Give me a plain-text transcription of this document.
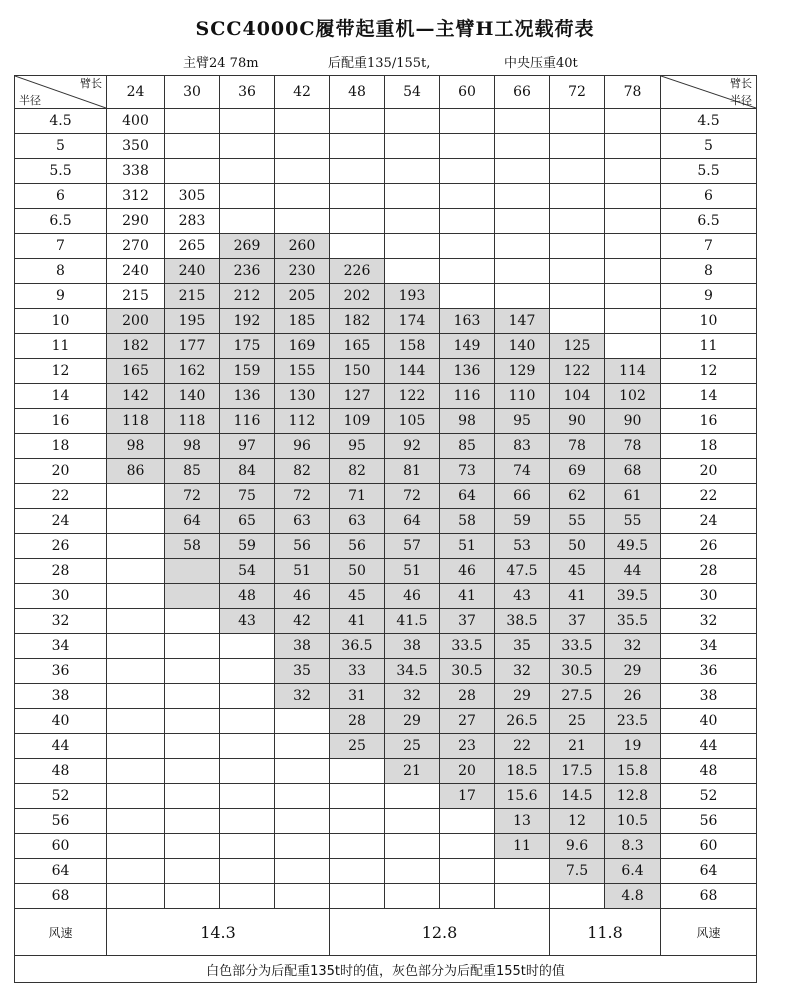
SCC4000C履带起重机—主臂H工况载荷表
主臂24 78m	后配重135/155t,	中央压重40t
臂长
半径	24	30	36	42	48	54	60	66	72	78	臂长
半径

4.5	400										4.5
5	350										5
5.5	338										5.5
6	312	305									6
6.5	290	283									6.5
7	270	265	269	260							7
8	240	240	236	230	226						8
9	215	215	212	205	202	193					9
10	200	195	192	185	182	174	163	147			10
11	182	177	175	169	165	158	149	140	125		11
12	165	162	159	155	150	144	136	129	122	114	12
14	142	140	136	130	127	122	116	110	104	102	14
16	118	118	116	112	109	105	98	95	90	90	16
18	98	98	97	96	95	92	85	83	78	78	18
20	86	85	84	82	82	81	73	74	69	68	20
22		72	75	72	71	72	64	66	62	61	22
24		64	65	63	63	64	58	59	55	55	24
26		58	59	56	56	57	51	53	50	49.5	26
28			54	51	50	51	46	47.5	45	44	28
30			48	46	45	46	41	43	41	39.5	30
32			43	42	41	41.5	37	38.5	37	35.5	32
34				38	36.5	38	33.5	35	33.5	32	34
36				35	33	34.5	30.5	32	30.5	29	36
38				32	31	32	28	29	27.5	26	38
40					28	29	27	26.5	25	23.5	40
44					25	25	23	22	21	19	44
48						21	20	18.5	17.5	15.8	48
52							17	15.6	14.5	12.8	52
56								13	12	10.5	56
60								11	9.6	8.3	60
64									7.5	6.4	64
68										4.8	68
风速	14.3				12.8				11.8		风速
白色部分为后配重135t时的值，灰色部分为后配重155t时的值											
